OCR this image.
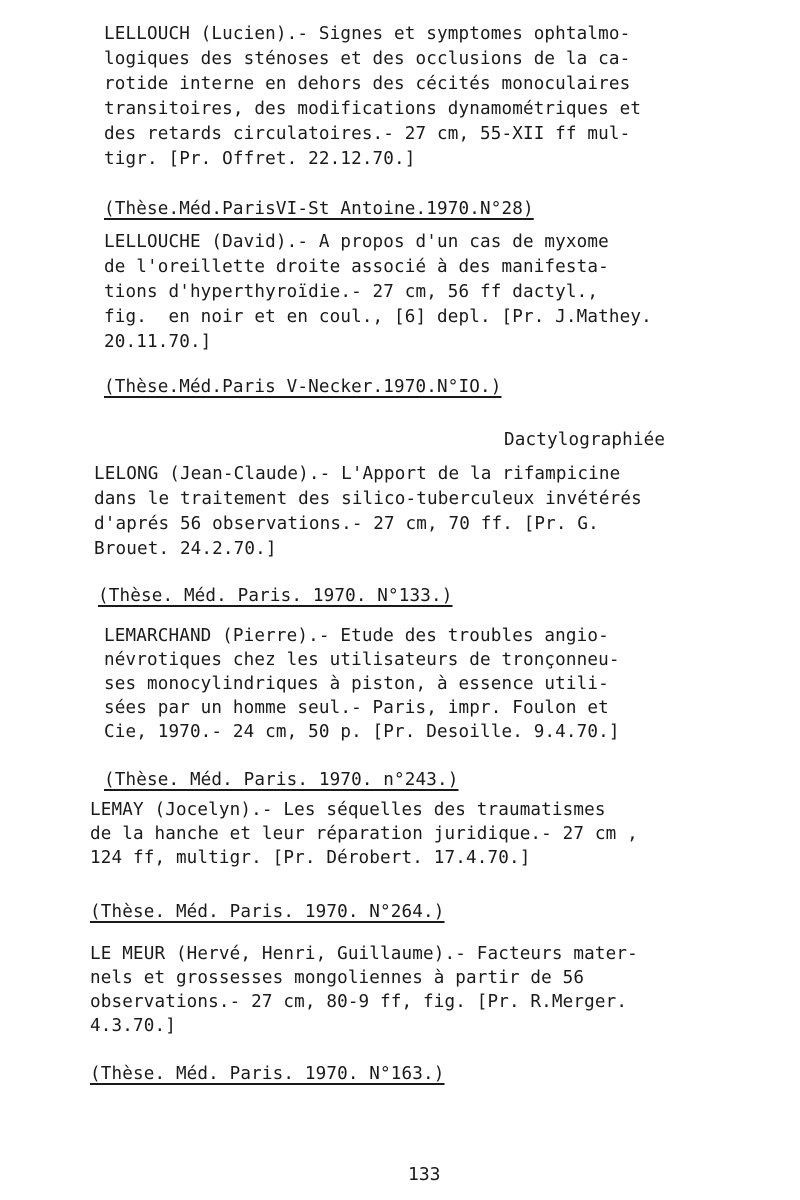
LELLOUCH (Lucien).- Signes et symptomes ophtalmo-
logiques des sténoses et des occlusions de la ca-
rotide interne en dehors des cécités monoculaires
transitoires, des modifications dynamométriques et
des retards circulatoires.- 27 cm, 55-XII ff mul-
tigr. [Pr. Offret. 22.12.70.]
(Thèse.Méd.ParisVI-St Antoine.1970.N°28)
LELLOUCHE (David).- A propos d'un cas de myxome
de l'oreillette droite associé à des manifesta-
tions d'hyperthyroïdie.- 27 cm, 56 ff dactyl.,
fig.  en noir et en coul., [6] depl. [Pr. J.Mathey.
20.11.70.]
(Thèse.Méd.Paris V-Necker.1970.N°IO.)
Dactylographiée
LELONG (Jean-Claude).- L'Apport de la rifampicine
dans le traitement des silico-tuberculeux invétérés
d'aprés 56 observations.- 27 cm, 70 ff. [Pr. G.
Brouet. 24.2.70.]
(Thèse. Méd. Paris. 1970. N°133.)
LEMARCHAND (Pierre).- Etude des troubles angio-
névrotiques chez les utilisateurs de tronçonneu-
ses monocylindriques à piston, à essence utili-
sées par un homme seul.- Paris, impr. Foulon et
Cie, 1970.- 24 cm, 50 p. [Pr. Desoille. 9.4.70.]
(Thèse. Méd. Paris. 1970. n°243.)
LEMAY (Jocelyn).- Les séquelles des traumatismes
de la hanche et leur réparation juridique.- 27 cm ,
124 ff, multigr. [Pr. Dérobert. 17.4.70.]
(Thèse. Méd. Paris. 1970. N°264.)
LE MEUR (Hervé, Henri, Guillaume).- Facteurs mater-
nels et grossesses mongoliennes à partir de 56
observations.- 27 cm, 80-9 ff, fig. [Pr. R.Merger.
4.3.70.]
(Thèse. Méd. Paris. 1970. N°163.)
133
